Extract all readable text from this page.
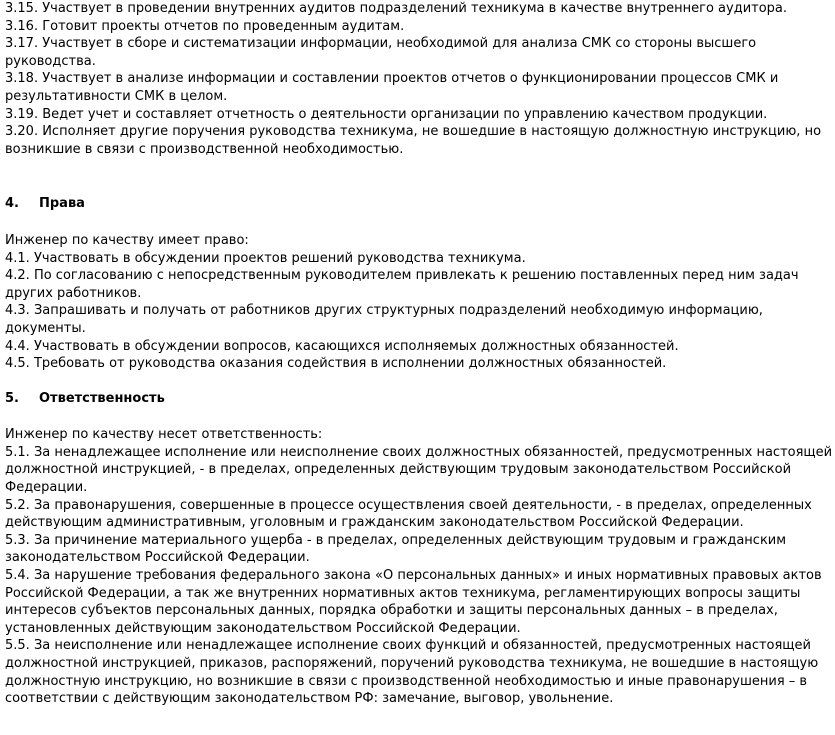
3.15. Участвует в проведении внутренних аудитов подразделений техникума в качестве внутреннего аудитора.

3.16. Готовит проекты отчетов по проведенным аудитам.

3.17. Участвует в сборе и систематизации информации, необходимой для анализа СМК со стороны высшего руководства.

3.18. Участвует в анализе информации и составлении проектов отчетов о функционировании процессов СМК и результативности СМК в целом.

3.19. Ведет учет и составляет отчетность о деятельности организации по управлению качеством продукции.

3.20. Исполняет другие поручения руководства техникума, не вошедшие в настоящую должностную инструкцию, но возникшие в связи с производственной необходимостью.

4. Права

Инженер по качеству имеет право:

4.1. Участвовать в обсуждении проектов решений руководства техникума.

4.2. По согласованию с непосредственным руководителем привлекать к решению поставленных перед ним задач других работников.

4.3. Запрашивать и получать от работников других структурных подразделений необходимую информацию, документы.

4.4. Участвовать в обсуждении вопросов, касающихся исполняемых должностных обязанностей.

4.5. Требовать от руководства оказания содействия в исполнении должностных обязанностей.

5. Ответственность

Инженер по качеству несет ответственность:

5.1. За ненадлежащее исполнение или неисполнение своих должностных обязанностей, предусмотренных настоящей должностной инструкцией, - в пределах, определенных действующим трудовым законодательством Российской Федерации.

5.2. За правонарушения, совершенные в процессе осуществления своей деятельности, - в пределах, определенных действующим административным, уголовным и гражданским законодательством Российской Федерации.

5.3. За причинение материального ущерба - в пределах, определенных действующим трудовым и гражданским законодательством Российской Федерации.

5.4. За нарушение требования федерального закона «О персональных данных» и иных нормативных правовых актов Российской Федерации, а так же внутренних нормативных актов техникума, регламентирующих вопросы защиты интересов субъектов персональных данных, порядка обработки и защиты персональных данных – в пределах, установленных действующим законодательством Российской Федерации.

5.5. За неисполнение или ненадлежащее исполнение своих функций и обязанностей, предусмотренных настоящей должностной инструкцией, приказов, распоряжений, поручений руководства техникума, не вошедшие в настоящую должностную инструкцию, но возникшие в связи с производственной необходимостью и иные правонарушения – в соответствии с действующим законодательством РФ: замечание, выговор, увольнение.
